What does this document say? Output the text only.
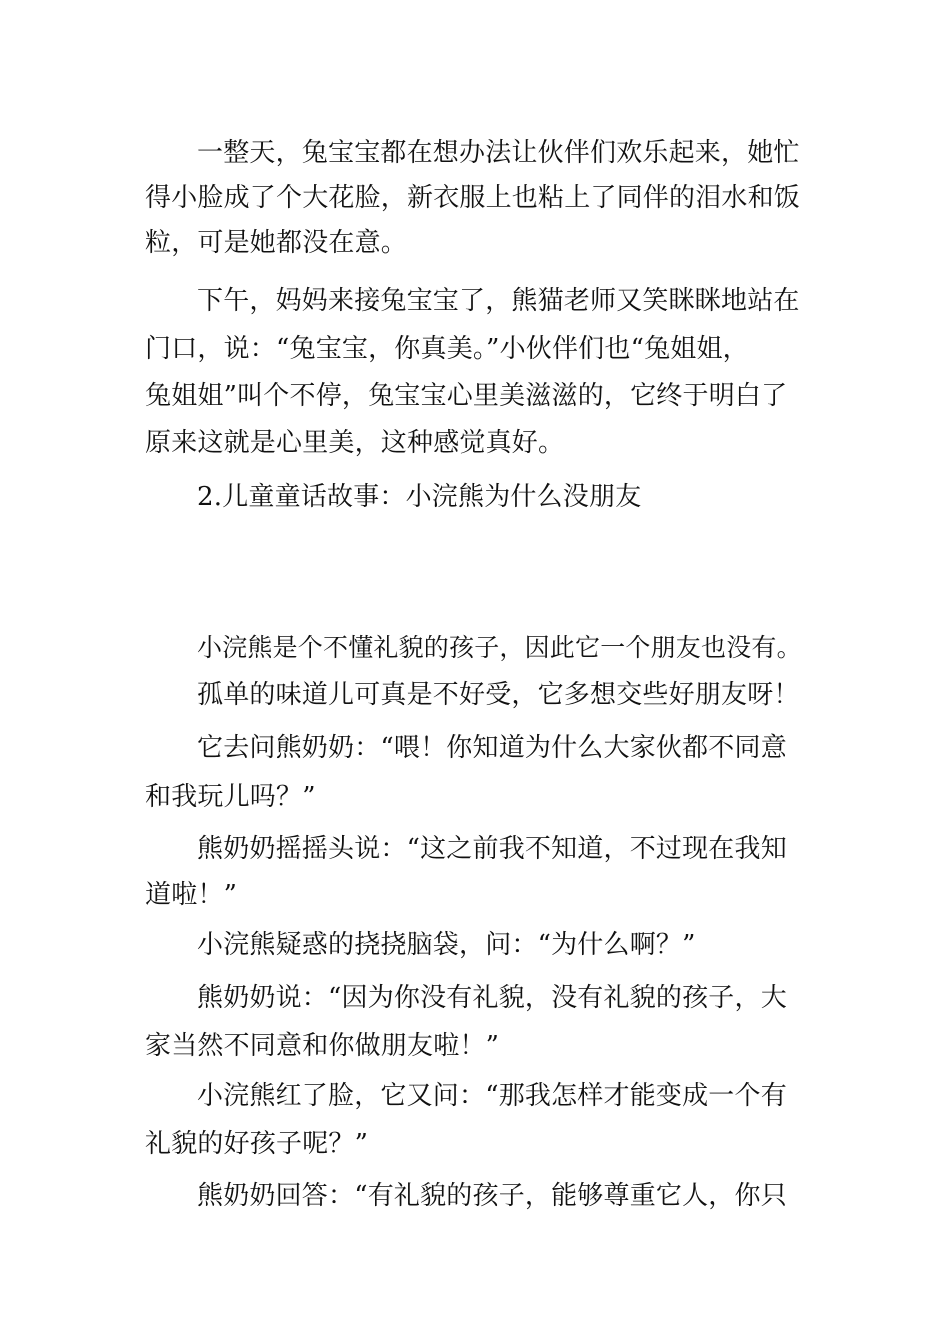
一整天，兔宝宝都在想办法让伙伴们欢乐起来，她忙
得小脸成了个大花脸，新衣服上也粘上了同伴的泪水和饭
粒，可是她都没在意。
下午，妈妈来接兔宝宝了，熊猫老师又笑眯眯地站在
门口，说：“兔宝宝，你真美。”小伙伴们也“兔姐姐，
兔姐姐”叫个不停，兔宝宝心里美滋滋的，它终于明白了
原来这就是心里美，这种感觉真好。
2.儿童童话故事：小浣熊为什么没朋友
小浣熊是个不懂礼貌的孩子，因此它一个朋友也没有。
孤单的味道儿可真是不好受，它多想交些好朋友呀！
它去问熊奶奶：“喂！你知道为什么大家伙都不同意
和我玩儿吗？”
熊奶奶摇摇头说：“这之前我不知道，不过现在我知
道啦！”
小浣熊疑惑的挠挠脑袋，问：“为什么啊？”
熊奶奶说：“因为你没有礼貌，没有礼貌的孩子，大
家当然不同意和你做朋友啦！”
小浣熊红了脸，它又问：“那我怎样才能变成一个有
礼貌的好孩子呢？”
熊奶奶回答：“有礼貌的孩子，能够尊重它人，你只
